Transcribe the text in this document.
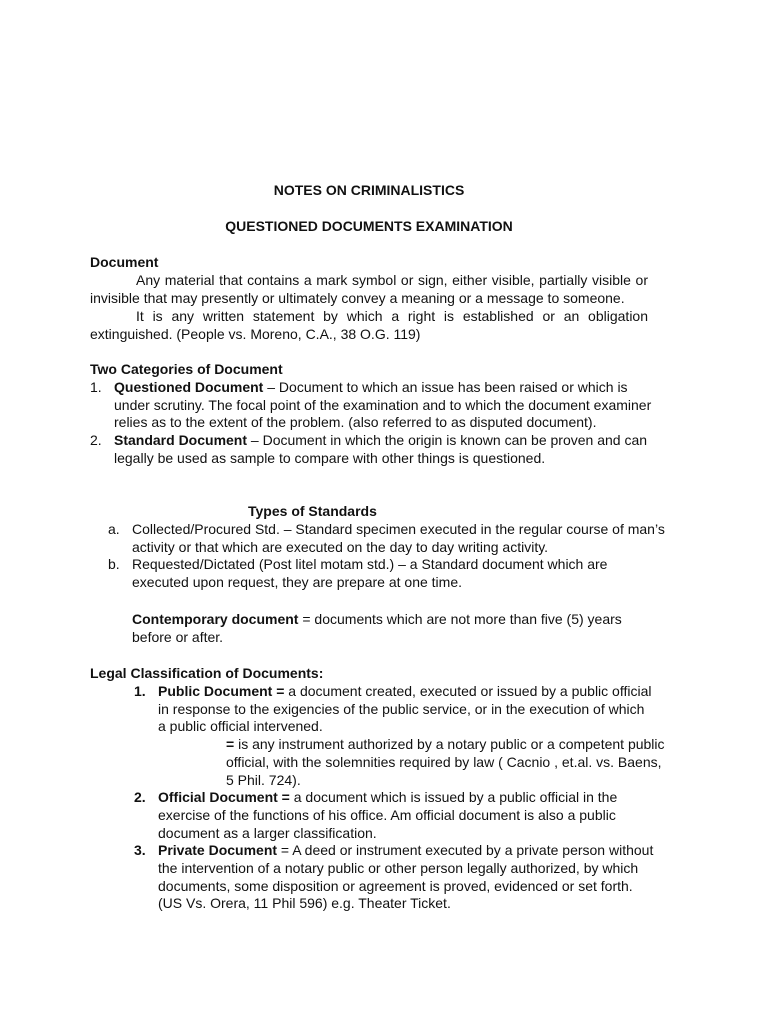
NOTES ON CRIMINALISTICS
QUESTIONED DOCUMENTS EXAMINATION
Document

Any material that contains a mark symbol or sign, either visible, partially visible or invisible that may presently or ultimately convey a meaning or a message to someone.

It is any written statement by which a right is established or an obligation extinguished. (People vs. Moreno, C.A., 38 O.G. 119)

Two Categories of Document
1. Questioned Document – Document to which an issue has been raised or which is under scrutiny. The focal point of the examination and to which the document examiner relies as to the extent of the problem. (also referred to as disputed document).
2. Standard Document – Document in which the origin is known can be proven and can legally be used as sample to compare with other things is questioned.
Types of Standards
a. Collected/Procured Std. – Standard specimen executed in the regular course of man’s activity or that which are executed on the day to day writing activity.
b. Requested/Dictated (Post litel motam std.) – a Standard document which are executed upon request, they are prepare at one time.

Contemporary document = documents which are not more than five (5) years before or after.

Legal Classification of Documents:
1. Public Document = a document created, executed or issued by a public official in response to the exigencies of the public service, or in the execution of which a public official intervened.
= is any instrument authorized by a notary public or a competent public official, with the solemnities required by law ( Cacnio , et.al. vs. Baens, 5 Phil. 724).
2. Official Document = a document which is issued by a public official in the exercise of the functions of his office. Am official document is also a public document as a larger classification.
3. Private Document = A deed or instrument executed by a private person without the intervention of a notary public or other person legally authorized, by which documents, some disposition or agreement is proved, evidenced or set forth. (US Vs. Orera, 11 Phil 596) e.g. Theater Ticket.
